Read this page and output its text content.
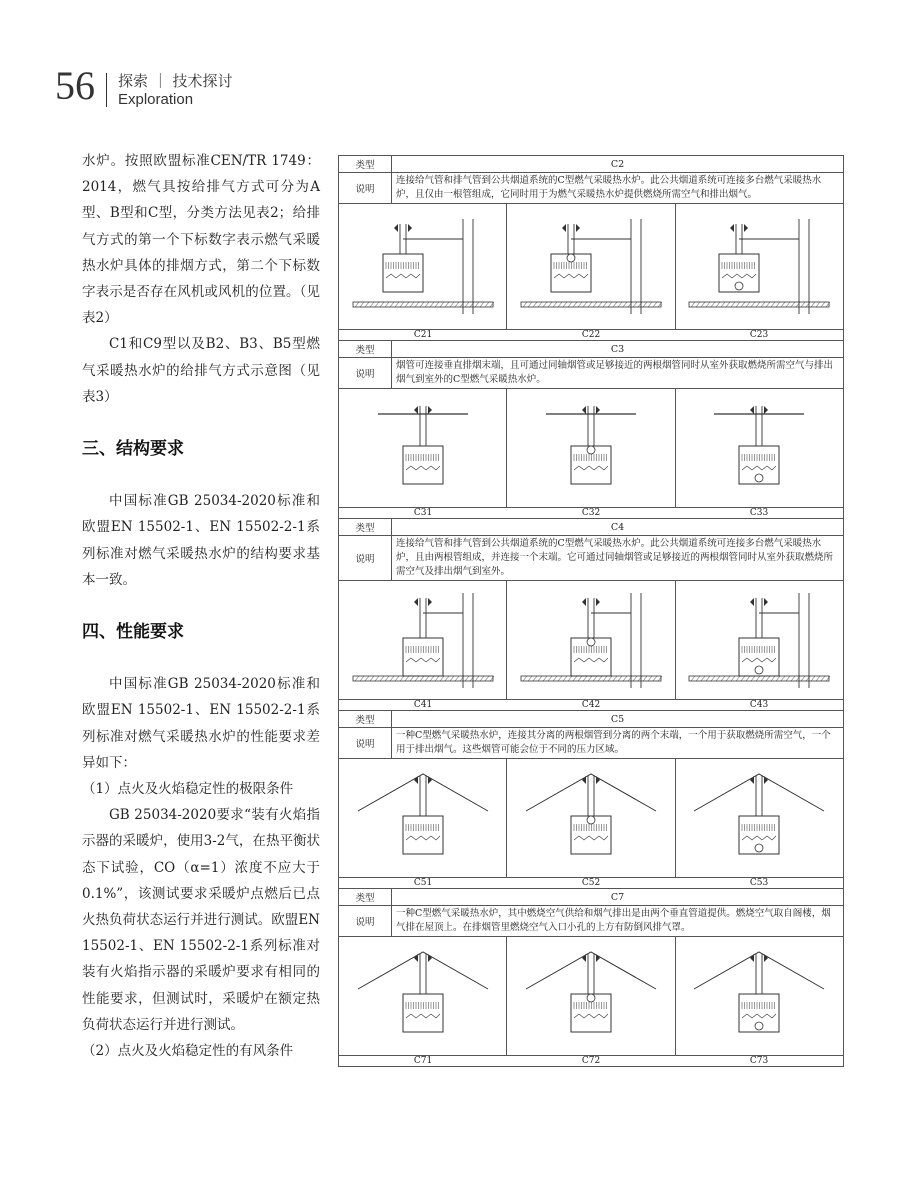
56 探索 ｜ 技术探讨
Exploration

水炉。按照欧盟标准CEN/TR 1749：2014，燃气具按给排气方式可分为A型、B型和C型，分类方法见表2；给排气方式的第一个下标数字表示燃气采暖热水炉具体的排烟方式，第二个下标数字表示是否存在风机或风机的位置。（见表2）

C1和C9型以及B2、B3、B5型燃气采暖热水炉的给排气方式示意图（见表3）

三、结构要求

中国标准GB 25034-2020标准和欧盟EN 15502-1、EN 15502-2-1系列标准对燃气采暖热水炉的结构要求基本一致。

四、性能要求

中国标准GB 25034-2020标准和欧盟EN 15502-1、EN 15502-2-1系列标准对燃气采暖热水炉的性能要求差异如下：

（1）点火及火焰稳定性的极限条件

GB 25034-2020要求“装有火焰指示器的采暖炉，使用3-2气，在热平衡状态下试验，CO（α=1）浓度不应大于0.1%”，该测试要求采暖炉点燃后已点火热负荷状态运行并进行测试。欧盟EN 15502-1、EN 15502-2-1系列标准对装有火焰指示器的采暖炉要求有相同的性能要求，但测试时，采暖炉在额定热负荷状态运行并进行测试。

（2）点火及火焰稳定性的有风条件

类型	C2
说明	连接给气管和排气管到公共烟道系统的C型燃气采暖热水炉。此公共烟道系统可连接多台燃气采暖热水炉，且仅由一根管组成，它同时用于为燃气采暖热水炉提供燃烧所需空气和排出烟气。

C21 C22 C23	

类型	C3
说明	烟管可连接垂直排烟末端，且可通过同轴烟管或足够接近的两根烟管同时从室外获取燃烧所需空气与排出烟气到室外的C型燃气采暖热水炉。

C31 C32 C33	

类型	C4
说明	连接给气管和排气管到公共烟道系统的C型燃气采暖热水炉。此公共烟道系统可连接多台燃气采暖热水炉，且由两根管组成，并连接一个末端。它可通过同轴烟管或足够接近的两根烟管同时从室外获取燃烧所需空气及排出烟气到室外。

C41 C42 C43	

类型	C5
说明	一种C型燃气采暖热水炉，连接其分离的两根烟管到分离的两个末端，一个用于获取燃烧所需空气，一个用于排出烟气。这些烟管可能会位于不同的压力区域。

C51 C52 C53	

类型	C7
说明	一种C型燃气采暖热水炉，其中燃烧空气供给和烟气排出是由两个垂直管道提供。燃烧空气取自阁楼，烟气排在屋顶上。在排烟管里燃烧空气入口小孔的上方有防倒风排气罩。

C71 C72 C73	
